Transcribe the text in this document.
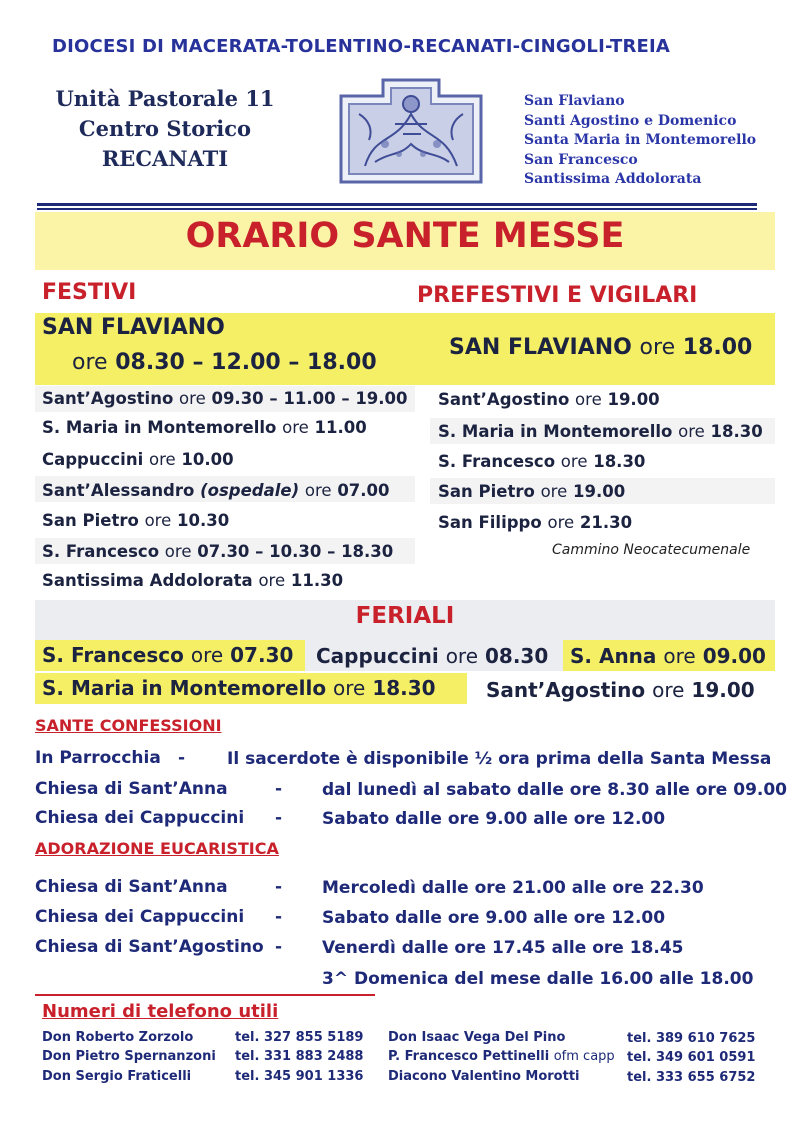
DIOCESI DI MACERATA-TOLENTINO-RECANATI-CINGOLI-TREIA
Unità Pastorale 11
Centro Storico
RECANATI
San Flaviano
Santi Agostino e Domenico
Santa Maria in Montemorello
San Francesco
Santissima Addolorata
ORARIO SANTE MESSE
FESTIVI	PREFESTIVI E VIGILARI
SAN FLAVIANO
ore 08.30 – 12.00 – 18.00
SAN FLAVIANO ore 18.00
Sant’Agostino ore 09.30 – 11.00 – 19.00
S. Maria in Montemorello ore 11.00
Cappuccini ore 10.00
Sant’Alessandro (ospedale) ore 07.00
San Pietro ore 10.30
S. Francesco ore 07.30 – 10.30 – 18.30
Santissima Addolorata ore 11.30
Sant’Agostino ore 19.00
S. Maria in Montemorello ore 18.30
S. Francesco ore 18.30
San Pietro ore 19.00
San Filippo ore 21.30
Cammino Neocatecumenale
FERIALI
S. Francesco ore 07.30 Cappuccini ore 08.30 S. Anna ore 09.00
S. Maria in Montemorello ore 18.30	Sant’Agostino ore 19.00
SANTE CONFESSIONI
In Parrocchia - Il sacerdote è disponibile ½ ora prima della Santa Messa
Chiesa di Sant’Anna	- dal lunedì al sabato dalle ore 8.30 alle ore 09.00
Chiesa dei Cappuccini - Sabato dalle ore 9.00 alle ore 12.00
ADORAZIONE EUCARISTICA
Chiesa di Sant’Anna	- Mercoledì dalle ore 21.00 alle ore 22.30
Chiesa dei Cappuccini - Sabato dalle ore 9.00 alle ore 12.00
Chiesa di Sant’Agostino - Venerdì dalle ore 17.45 alle ore 18.45
3^ Domenica del mese dalle 16.00 alle 18.00
Numeri di telefono utili
Don Roberto Zorzolo	tel. 327 855 5189
Don Pietro Spernanzoni tel. 331 883 2488
Don Sergio Fraticelli	tel. 345 901 1336
Don Isaac Vega Del Pino	tel. 389 610 7625
P. Francesco Pettinelli ofm capp tel. 349 601 0591
Diacono Valentino Morotti	tel. 333 655 6752
